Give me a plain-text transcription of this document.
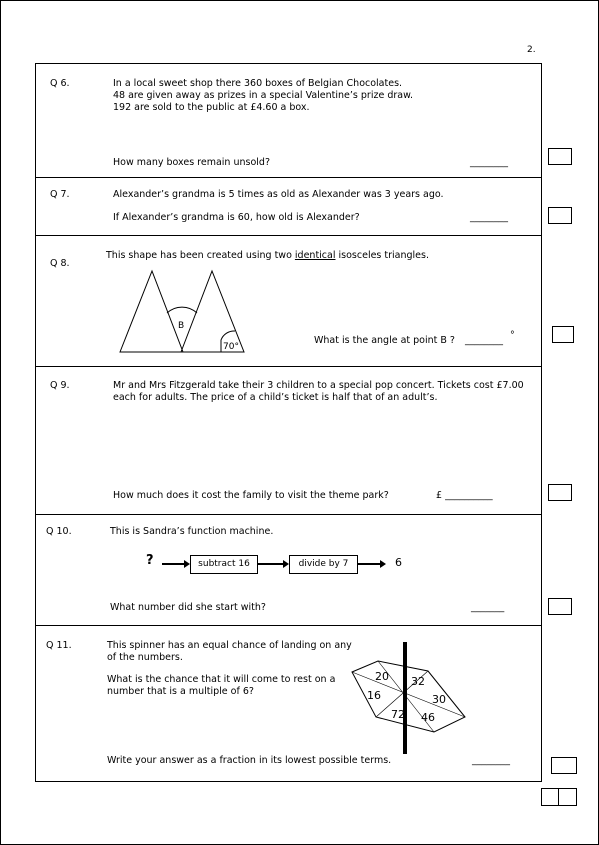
2.
Q 6.	In a local sweet shop there 360 boxes of Belgian Chocolates.
48 are given away as prizes in a special Valentine’s prize draw.
192 are sold to the public at £4.60 a box.
How many boxes remain unsold?	________
Q 7.	Alexander’s grandma is 5 times as old as Alexander was 3 years ago.
If Alexander’s grandma is 60, how old is Alexander?	________
Q 8.
This shape has been created using two identical isosceles triangles.
B
70°
What is the angle at point B ? ________ °
Q 9.	Mr and Mrs Fitzgerald take their 3 children to a special pop concert. Tickets cost £7.00
each for adults. The price of a child’s ticket is half that of an adult’s.
How much does it cost the family to visit the theme park?	£ __________
Q 10.	This is Sandra’s function machine.
?	subtract 16	divide by 7	6
What number did she start with?	_______
Q 11.	This spinner has an equal chance of landing on any
of the numbers.
What is the chance that it will come to rest on a
number that is a multiple of 6?
20 32
30
46
72
16
Write your answer as a fraction in its lowest possible terms.	________
